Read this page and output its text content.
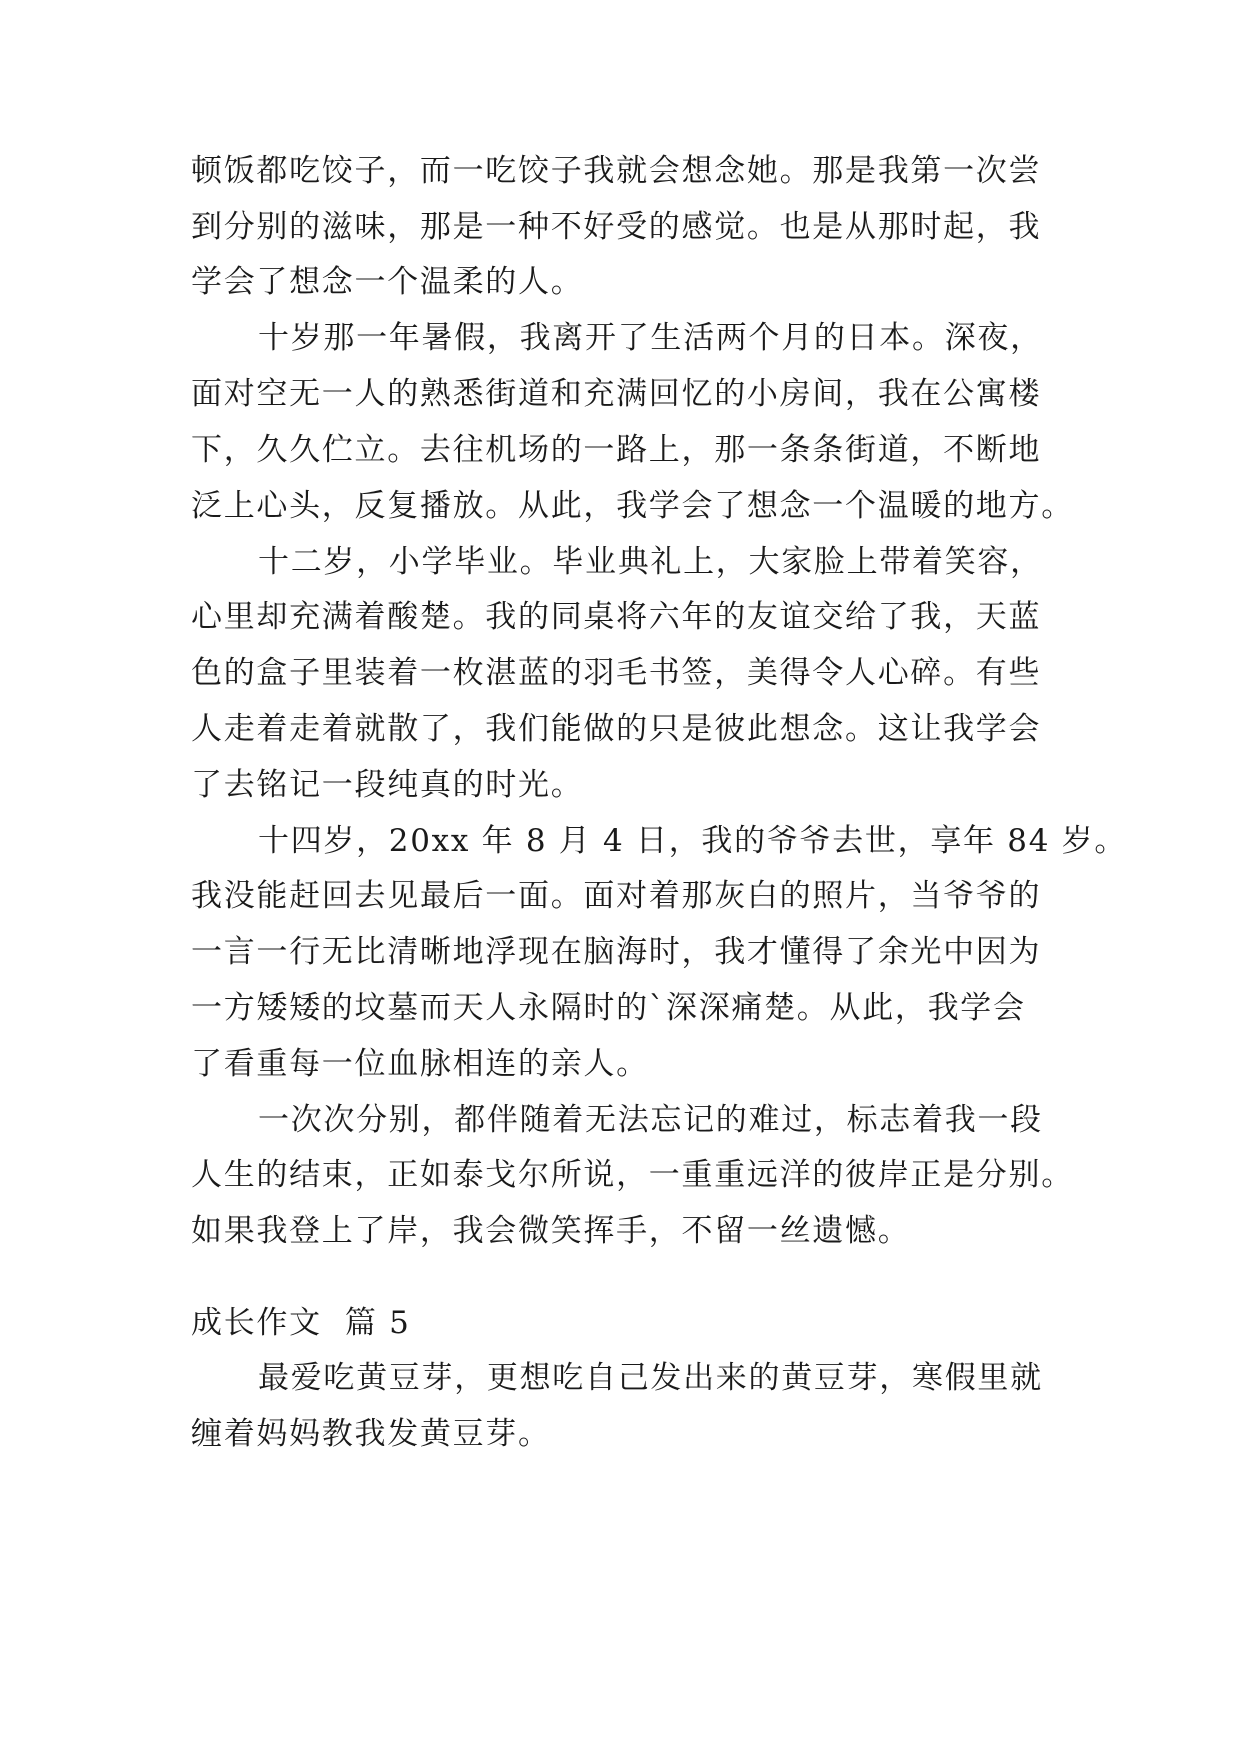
顿饭都吃饺子，而一吃饺子我就会想念她。那是我第一次尝
到分别的滋味，那是一种不好受的感觉。也是从那时起，我
学会了想念一个温柔的人。
十岁那一年暑假，我离开了生活两个月的日本。深夜，
面对空无一人的熟悉街道和充满回忆的小房间，我在公寓楼
下，久久伫立。去往机场的一路上，那一条条街道，不断地
泛上心头，反复播放。从此，我学会了想念一个温暖的地方。
十二岁，小学毕业。毕业典礼上，大家脸上带着笑容，
心里却充满着酸楚。我的同桌将六年的友谊交给了我，天蓝
色的盒子里装着一枚湛蓝的羽毛书签，美得令人心碎。有些
人走着走着就散了，我们能做的只是彼此想念。这让我学会
了去铭记一段纯真的时光。
十四岁，20xx 年 8 月 4 日，我的爷爷去世，享年 84 岁。
我没能赶回去见最后一面。面对着那灰白的照片，当爷爷的
一言一行无比清晰地浮现在脑海时，我才懂得了余光中因为
一方矮矮的坟墓而天人永隔时的`深深痛楚。从此，我学会
了看重每一位血脉相连的亲人。
一次次分别，都伴随着无法忘记的难过，标志着我一段
人生的结束，正如泰戈尔所说，一重重远洋的彼岸正是分别。
如果我登上了岸，我会微笑挥手，不留一丝遗憾。
成长作文  篇 5
最爱吃黄豆芽，更想吃自己发出来的黄豆芽，寒假里就
缠着妈妈教我发黄豆芽。
